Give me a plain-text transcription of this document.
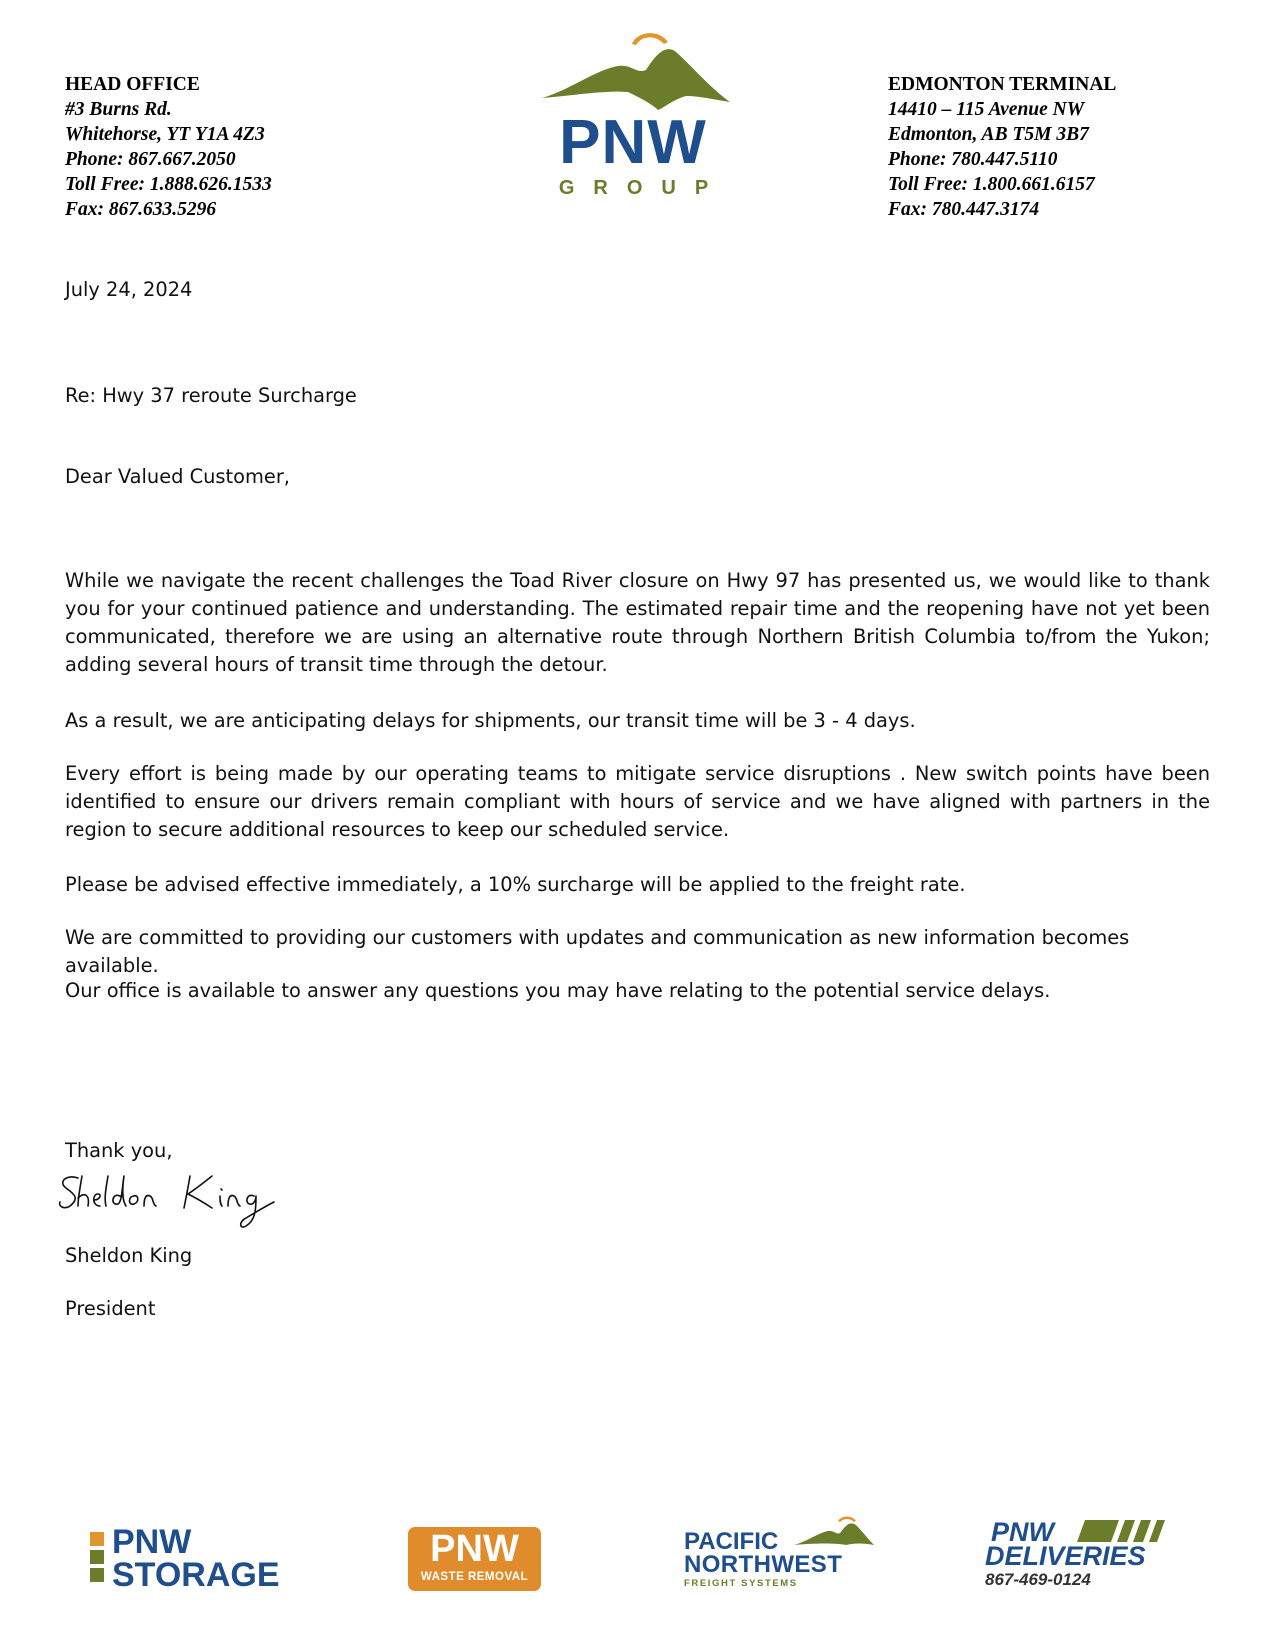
HEAD OFFICE
#3 Burns Rd.
Whitehorse, YT Y1A 4Z3
Phone: 867.667.2050
Toll Free: 1.888.626.1533
Fax: 867.633.5296
PNW
GROUP
EDMONTON TERMINAL
14410 – 115 Avenue NW
Edmonton, AB T5M 3B7
Phone: 780.447.5110
Toll Free: 1.800.661.6157
Fax: 780.447.3174
July 24, 2024
Re: Hwy 37 reroute Surcharge
Dear Valued Customer,
While we navigate the recent challenges the Toad River closure on Hwy 97 has presented us, we would like to thank you for your continued patience and understanding. The estimated repair time and the reopening have not yet been communicated, therefore we are using an alternative route through Northern British Columbia to/from the Yukon; adding several hours of transit time through the detour.
As a result, we are anticipating delays for shipments, our transit time will be 3 - 4 days.
Every effort is being made by our operating teams to mitigate service disruptions . New switch points have been identified to ensure our drivers remain compliant with hours of service and we have aligned with partners in the region to secure additional resources to keep our scheduled service.
Please be advised effective immediately, a 10% surcharge will be applied to the freight rate.
We are committed to providing our customers with updates and communication as new information becomes available.
Our office is available to answer any questions you may have relating to the potential service delays.
Thank you,
Sheldon King
President
PNW
STORAGE
PNW
WASTE REMOVAL
PACIFIC
NORTHWEST
FREIGHT SYSTEMS
PNW
DELIVERIES
867-469-0124
